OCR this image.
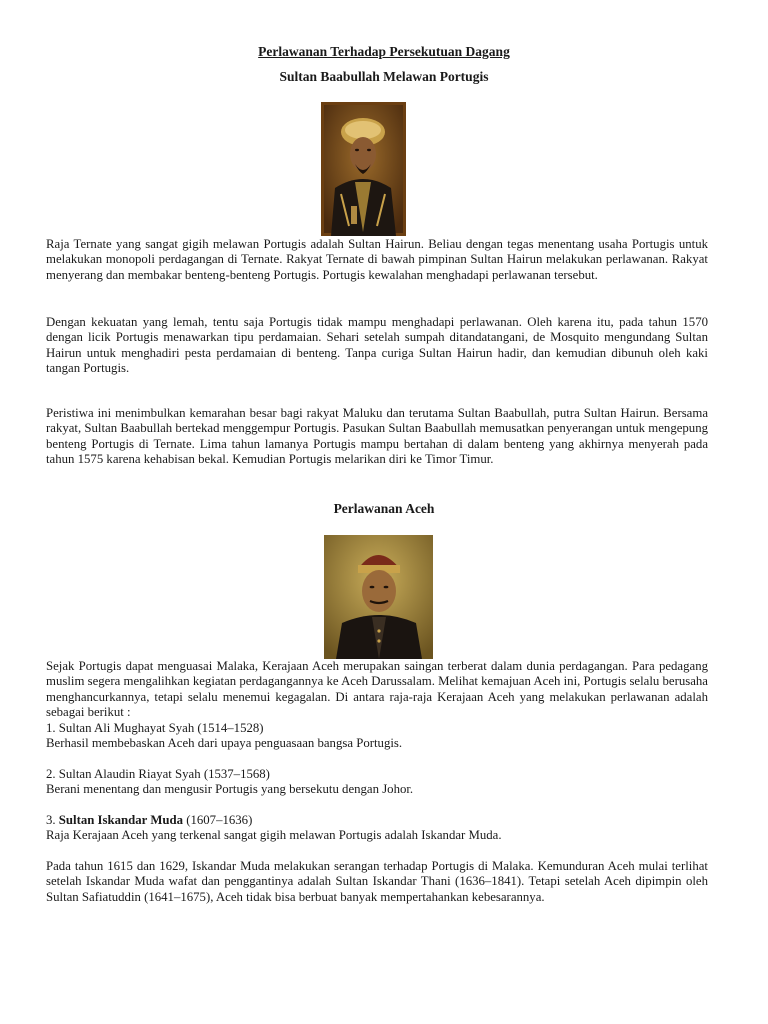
Perlawanan Terhadap Persekutuan Dagang
Sultan Baabullah Melawan Portugis

Raja Ternate yang sangat gigih melawan Portugis adalah Sultan Hairun. Beliau dengan tegas menentang usaha Portugis untuk melakukan monopoli perdagangan di Ternate. Rakyat Ternate di bawah pimpinan Sultan Hairun melakukan perlawanan. Rakyat menyerang dan membakar benteng-benteng Portugis. Portugis kewalahan menghadapi perlawanan tersebut.

Dengan kekuatan yang lemah, tentu saja Portugis tidak mampu menghadapi perlawanan. Oleh karena itu, pada tahun 1570 dengan licik Portugis menawarkan tipu perdamaian. Sehari setelah sumpah ditandatangani, de Mosquito mengundang Sultan Hairun untuk menghadiri pesta perdamaian di benteng. Tanpa curiga Sultan Hairun hadir, dan kemudian dibunuh oleh kaki tangan Portugis.

Peristiwa ini menimbulkan kemarahan besar bagi rakyat Maluku dan terutama Sultan Baabullah, putra Sultan Hairun. Bersama rakyat, Sultan Baabullah bertekad menggempur Portugis. Pasukan Sultan Baabullah memusatkan penyerangan untuk mengepung benteng Portugis di Ternate. Lima tahun lamanya Portugis mampu bertahan di dalam benteng yang akhirnya menyerah pada tahun 1575 karena kehabisan bekal. Kemudian Portugis melarikan diri ke Timor Timur.

Perlawanan Aceh

Sejak Portugis dapat menguasai Malaka, Kerajaan Aceh merupakan saingan terberat dalam dunia perdagangan. Para pedagang muslim segera mengalihkan kegiatan perdagangannya ke Aceh Darussalam. Melihat kemajuan Aceh ini, Portugis selalu berusaha menghancurkannya, tetapi selalu menemui kegagalan. Di antara raja-raja Kerajaan Aceh yang melakukan perlawanan adalah sebagai berikut :

1. Sultan Ali Mughayat Syah (1514–1528)
Berhasil membebaskan Aceh dari upaya penguasaan bangsa Portugis.

2. Sultan Alaudin Riayat Syah (1537–1568)
Berani menentang dan mengusir Portugis yang bersekutu dengan Johor.

3. Sultan Iskandar Muda (1607–1636)
Raja Kerajaan Aceh yang terkenal sangat gigih melawan Portugis adalah Iskandar Muda.

Pada tahun 1615 dan 1629, Iskandar Muda melakukan serangan terhadap Portugis di Malaka. Kemunduran Aceh mulai terlihat setelah Iskandar Muda wafat dan penggantinya adalah Sultan Iskandar Thani (1636–1841). Tetapi setelah Aceh dipimpin oleh Sultan Safiatuddin (1641–1675), Aceh tidak bisa berbuat banyak mempertahankan kebesarannya.
